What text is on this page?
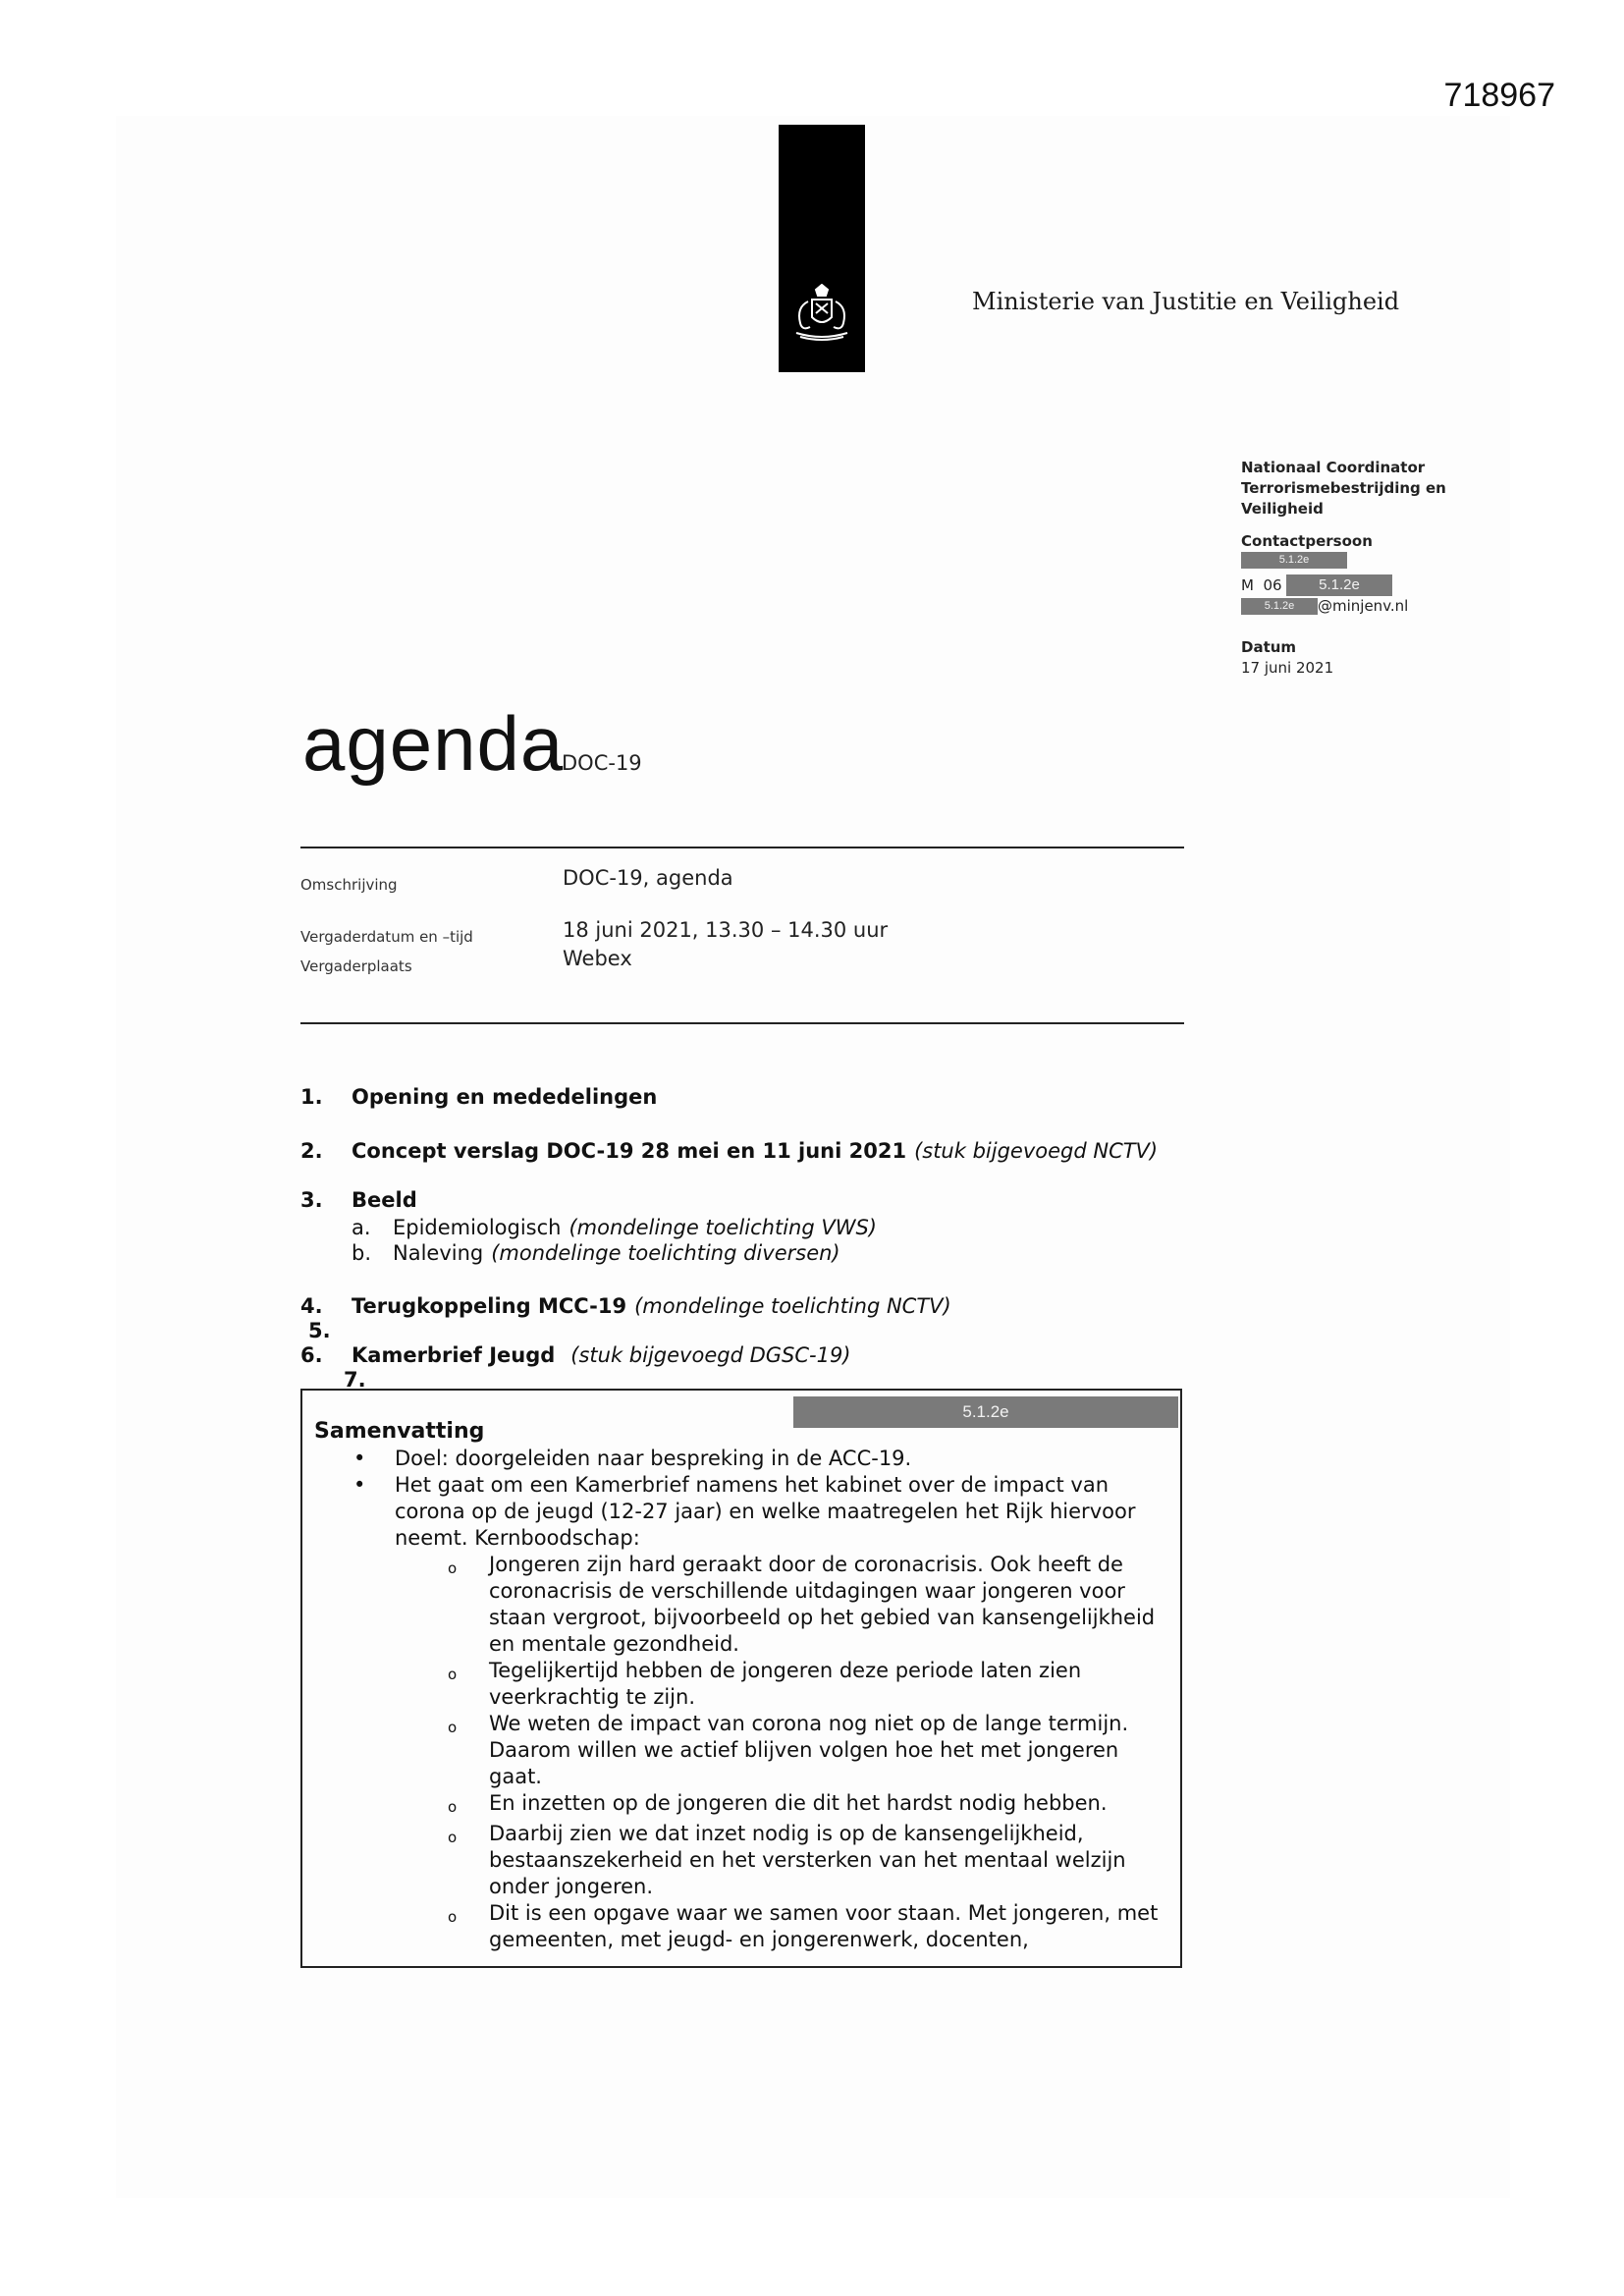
718967
Ministerie van Justitie en Veiligheid
Nationaal Coordinator
Terrorismebestrijding en
Veiligheid
Contactpersoon
5.1.2e
M  06	5.1.2e
5.1.2e	@minjenv.nl
Datum
17 juni 2021
agenda
DOC-19
Omschrijving	DOC-19, agenda
Vergaderdatum en –tijd	18 juni 2021, 13.30 – 14.30 uur
Vergaderplaats	Webex
1.	Opening en mededelingen
2.	Concept verslag DOC-19 28 mei en 11 juni 2021 (stuk bijgevoegd NCTV)
3.	Beeld
a.	Epidemiologisch (mondelinge toelichting VWS)
b.	Naleving (mondelinge toelichting diversen)
4.	Terugkoppeling MCC-19 (mondelinge toelichting NCTV)
5.
6.	Kamerbrief Jeugd (stuk bijgevoegd DGSC-19)
7.
5.1.2e
Samenvatting
•	Doel: doorgeleiden naar bespreking in de ACC-19.
•	Het gaat om een Kamerbrief namens het kabinet over de impact van corona op de jeugd (12-27 jaar) en welke maatregelen het Rijk hiervoor neemt. Kernboodschap:
o	Jongeren zijn hard geraakt door de coronacrisis. Ook heeft de coronacrisis de verschillende uitdagingen waar jongeren voor staan vergroot, bijvoorbeeld op het gebied van kansengelijkheid en mentale gezondheid.
o	Tegelijkertijd hebben de jongeren deze periode laten zien veerkrachtig te zijn.
o	We weten de impact van corona nog niet op de lange termijn. Daarom willen we actief blijven volgen hoe het met jongeren gaat.
o	En inzetten op de jongeren die dit het hardst nodig hebben.
o	Daarbij zien we dat inzet nodig is op de kansengelijkheid, bestaanszekerheid en het versterken van het mentaal welzijn onder jongeren.
o	Dit is een opgave waar we samen voor staan. Met jongeren, met gemeenten, met jeugd- en jongerenwerk, docenten,
